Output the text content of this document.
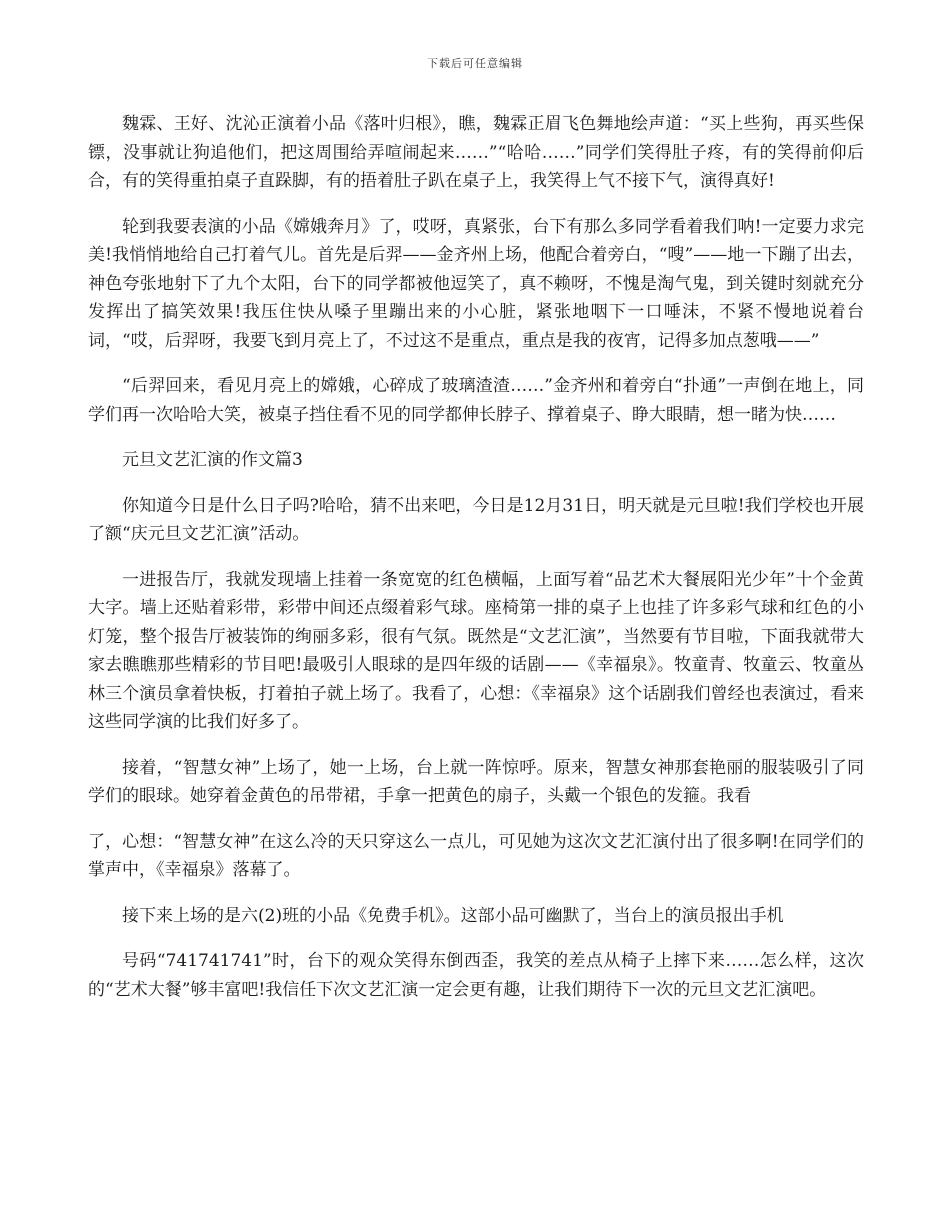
下载后可任意编辑

魏霖、王好、沈沁正演着小品《落叶归根》，瞧，魏霖正眉飞色舞地绘声道：“买上些狗，再买些保镖，没事就让狗追他们，把这周围给弄喧闹起来……”“哈哈……”同学们笑得肚子疼，有的笑得前仰后合，有的笑得重拍桌子直跺脚，有的捂着肚子趴在桌子上，我笑得上气不接下气，演得真好!

轮到我要表演的小品《嫦娥奔月》了，哎呀，真紧张，台下有那么多同学看着我们呐!一定要力求完美!我悄悄地给自己打着气儿。首先是后羿——金齐州上场，他配合着旁白，“嗖”——地一下蹦了出去，神色夸张地射下了九个太阳，台下的同学都被他逗笑了，真不赖呀，不愧是淘气鬼，到关键时刻就充分发挥出了搞笑效果!我压住快从嗓子里蹦出来的小心脏，紧张地咽下一口唾沫，不紧不慢地说着台词，“哎，后羿呀，我要飞到月亮上了，不过这不是重点，重点是我的夜宵，记得多加点葱哦——”

“后羿回来，看见月亮上的嫦娥，心碎成了玻璃渣渣……”金齐州和着旁白“扑通”一声倒在地上，同学们再一次哈哈大笑，被桌子挡住看不见的同学都伸长脖子、撑着桌子、睁大眼睛，想一睹为快……

元旦文艺汇演的作文篇3

你知道今日是什么日子吗?哈哈，猜不出来吧，今日是12月31日，明天就是元旦啦!我们学校也开展了额“庆元旦文艺汇演”活动。

一进报告厅，我就发现墙上挂着一条宽宽的红色横幅，上面写着“品艺术大餐展阳光少年”十个金黄大字。墙上还贴着彩带，彩带中间还点缀着彩气球。座椅第一排的桌子上也挂了许多彩气球和红色的小灯笼，整个报告厅被装饰的绚丽多彩，很有气氛。既然是“文艺汇演”，当然要有节目啦，下面我就带大家去瞧瞧那些精彩的节目吧!最吸引人眼球的是四年级的话剧——《幸福泉》。牧童青、牧童云、牧童丛林三个演员拿着快板，打着拍子就上场了。我看了，心想：《幸福泉》这个话剧我们曾经也表演过，看来这些同学演的比我们好多了。

接着，“智慧女神”上场了，她一上场，台上就一阵惊呼。原来，智慧女神那套艳丽的服装吸引了同学们的眼球。她穿着金黄色的吊带裙，手拿一把黄色的扇子，头戴一个银色的发箍。我看

了，心想：“智慧女神”在这么冷的天只穿这么一点儿，可见她为这次文艺汇演付出了很多啊!在同学们的掌声中，《幸福泉》落幕了。

接下来上场的是六(2)班的小品《免费手机》。这部小品可幽默了，当台上的演员报出手机

号码“741741741”时，台下的观众笑得东倒西歪，我笑的差点从椅子上摔下来……怎么样，这次的“艺术大餐”够丰富吧!我信任下次文艺汇演一定会更有趣，让我们期待下一次的元旦文艺汇演吧。
